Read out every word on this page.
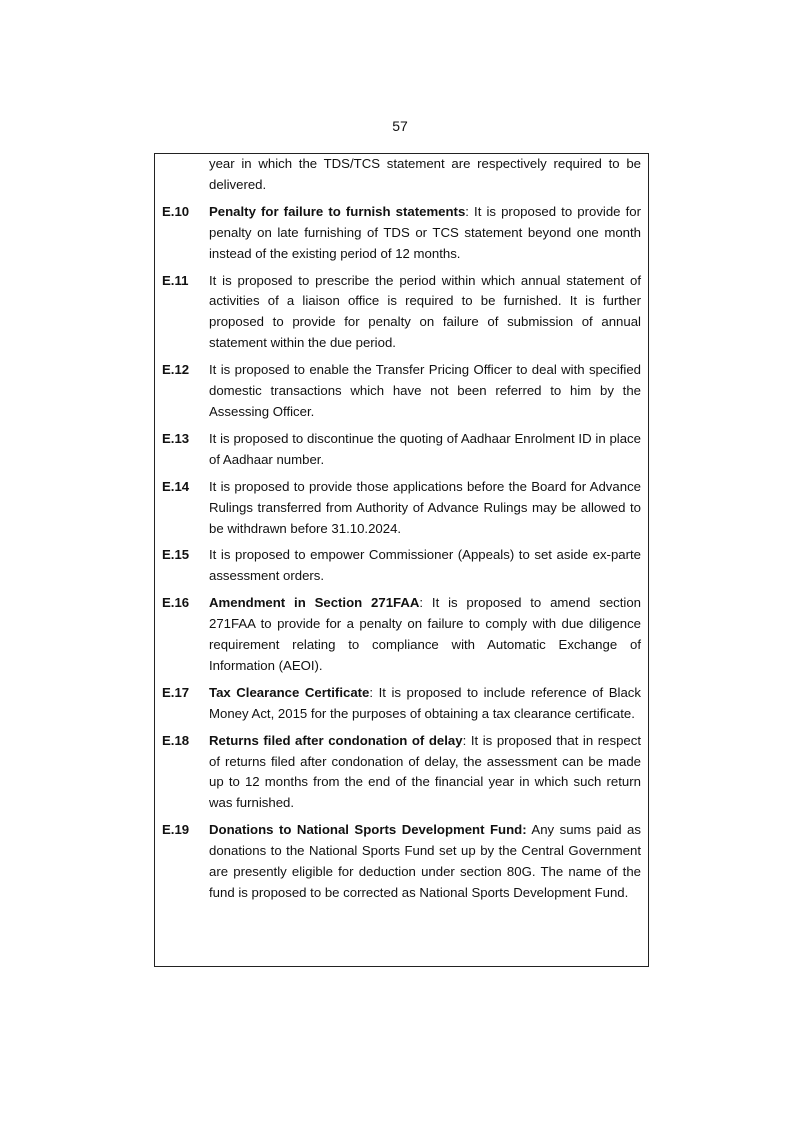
57
year in which the TDS/TCS statement are respectively required to be delivered.
E.10	Penalty for failure to furnish statements: It is proposed to provide for penalty on late furnishing of TDS or TCS statement beyond one month instead of the existing period of 12 months.
E.11	It is proposed to prescribe the period within which annual statement of activities of a liaison office is required to be furnished. It is further proposed to provide for penalty on failure of submission of annual statement within the due period.
E.12	It is proposed to enable the Transfer Pricing Officer to deal with specified domestic transactions which have not been referred to him by the Assessing Officer.
E.13	It is proposed to discontinue the quoting of Aadhaar Enrolment ID in place of Aadhaar number.
E.14	It is proposed to provide those applications before the Board for Advance Rulings transferred from Authority of Advance Rulings may be allowed to be withdrawn before 31.10.2024.
E.15	It is proposed to empower Commissioner (Appeals) to set aside ex-parte assessment orders.
E.16	Amendment in Section 271FAA: It is proposed to amend section 271FAA to provide for a penalty on failure to comply with due diligence requirement relating to compliance with Automatic Exchange of Information (AEOI).
E.17	Tax Clearance Certificate: It is proposed to include reference of Black Money Act, 2015 for the purposes of obtaining a tax clearance certificate.
E.18	Returns filed after condonation of delay: It is proposed that in respect of returns filed after condonation of delay, the assessment can be made up to 12 months from the end of the financial year in which such return was furnished.
E.19	Donations to National Sports Development Fund: Any sums paid as donations to the National Sports Fund set up by the Central Government are presently eligible for deduction under section 80G. The name of the fund is proposed to be corrected as National Sports Development Fund.
